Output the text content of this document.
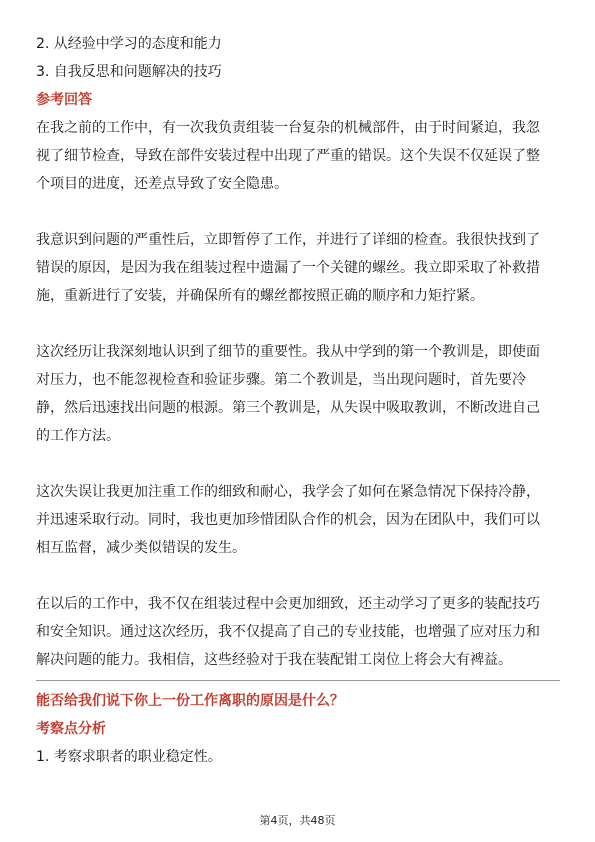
2. 从经验中学习的态度和能力
3. 自我反思和问题解决的技巧
参考回答
在我之前的工作中，有一次我负责组装一台复杂的机械部件，由于时间紧迫，我忽
视了细节检查，导致在部件安装过程中出现了严重的错误。这个失误不仅延误了整
个项目的进度，还差点导致了安全隐患。
我意识到问题的严重性后，立即暂停了工作，并进行了详细的检查。我很快找到了
错误的原因，是因为我在组装过程中遗漏了一个关键的螺丝。我立即采取了补救措
施，重新进行了安装，并确保所有的螺丝都按照正确的顺序和力矩拧紧。
这次经历让我深刻地认识到了细节的重要性。我从中学到的第一个教训是，即使面
对压力，也不能忽视检查和验证步骤。第二个教训是，当出现问题时，首先要冷
静，然后迅速找出问题的根源。第三个教训是，从失误中吸取教训，不断改进自己
的工作方法。
这次失误让我更加注重工作的细致和耐心，我学会了如何在紧急情况下保持冷静，
并迅速采取行动。同时，我也更加珍惜团队合作的机会，因为在团队中，我们可以
相互监督，减少类似错误的发生。
在以后的工作中，我不仅在组装过程中会更加细致，还主动学习了更多的装配技巧
和安全知识。通过这次经历，我不仅提高了自己的专业技能，也增强了应对压力和
解决问题的能力。我相信，这些经验对于我在装配钳工岗位上将会大有裨益。
能否给我们说下你上一份工作离职的原因是什么？
考察点分析
1. 考察求职者的职业稳定性。
第4页，共48页
